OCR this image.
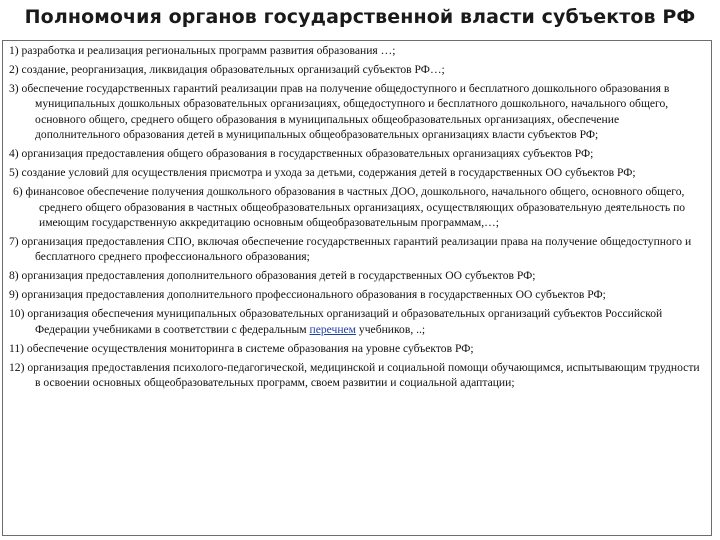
Полномочия органов государственной власти субъектов РФ

1) разработка и реализация региональных программ развития образования …;

2) создание, реорганизация, ликвидация образовательных организаций субъектов РФ…;

3) обеспечение государственных гарантий реализации прав на получение общедоступного и бесплатного дошкольного образования в муниципальных дошкольных образовательных организациях, общедоступного и бесплатного дошкольного, начального общего, основного общего, среднего общего образования в муниципальных общеобразовательных организациях, обеспечение дополнительного образования детей в муниципальных общеобразовательных организациях власти субъектов РФ;

4) организация предоставления общего образования в государственных образовательных организациях субъектов РФ;

5) создание условий для осуществления присмотра и ухода за детьми, содержания детей в государственных ОО субъектов РФ;

6) финансовое обеспечение получения дошкольного образования в частных ДОО, дошкольного, начального общего, основного общего, среднего общего образования в частных общеобразовательных организациях, осуществляющих образовательную деятельность по имеющим государственную аккредитацию основным общеобразовательным программам,…;

7) организация предоставления СПО, включая обеспечение государственных гарантий реализации права на получение общедоступного и бесплатного среднего профессионального образования;

8) организация предоставления дополнительного образования детей в государственных ОО субъектов РФ;

9) организация предоставления дополнительного профессионального образования в государственных ОО субъектов РФ;

10) организация обеспечения муниципальных образовательных организаций и образовательных организаций субъектов Российской Федерации учебниками в соответствии с федеральным перечнем учебников, ..;

11) обеспечение осуществления мониторинга в системе образования на уровне субъектов РФ;

12) организация предоставления психолого-педагогической, медицинской и социальной помощи обучающимся, испытывающим трудности в освоении основных общеобразовательных программ, своем развитии и социальной адаптации;
